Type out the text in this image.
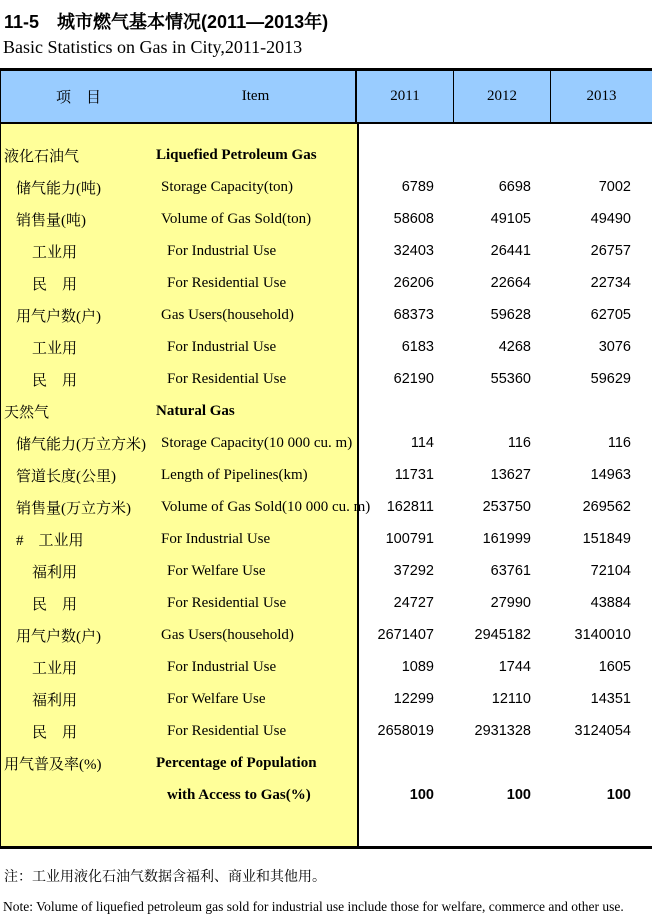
11-5　城市燃气基本情况(2011—2013年)
Basic Statistics on Gas in City,2011-2013
项　目	Item	2011	2012	2013
液化石油气	Liquefied Petroleum Gas
储气能力(吨)	Storage Capacity(ton)	6789	6698	7002
销售量(吨)	Volume of Gas Sold(ton)	58608	49105	49490
工业用	For Industrial Use	32403	26441	26757
民　用	For Residential Use	26206	22664	22734
用气户数(户)	Gas Users(household)	68373	59628	62705
工业用	For Industrial Use	6183	4268	3076
民　用	For Residential Use	62190	55360	59629
天然气	Natural Gas
储气能力(万立方米)	Storage Capacity(10 000 cu. m)	114	116	116
管道长度(公里)	Length of Pipelines(km)	11731	13627	14963
销售量(万立方米)	Volume of Gas Sold(10 000 cu. m)	162811	253750	269562
#　工业用	For Industrial Use	100791	161999	151849
福利用	For Welfare Use	37292	63761	72104
民　用	For Residential Use	24727	27990	43884
用气户数(户)	Gas Users(household)	2671407	2945182	3140010
工业用	For Industrial Use	1089	1744	1605
福利用	For Welfare Use	12299	12110	14351
民　用	For Residential Use	2658019	2931328	3124054
用气普及率(%)	Percentage of Population
with Access to Gas(%)	100	100	100
注：工业用液化石油气数据含福利、商业和其他用。
Note: Volume of liquefied petroleum gas sold for industrial use include those for welfare, commerce and other use.
